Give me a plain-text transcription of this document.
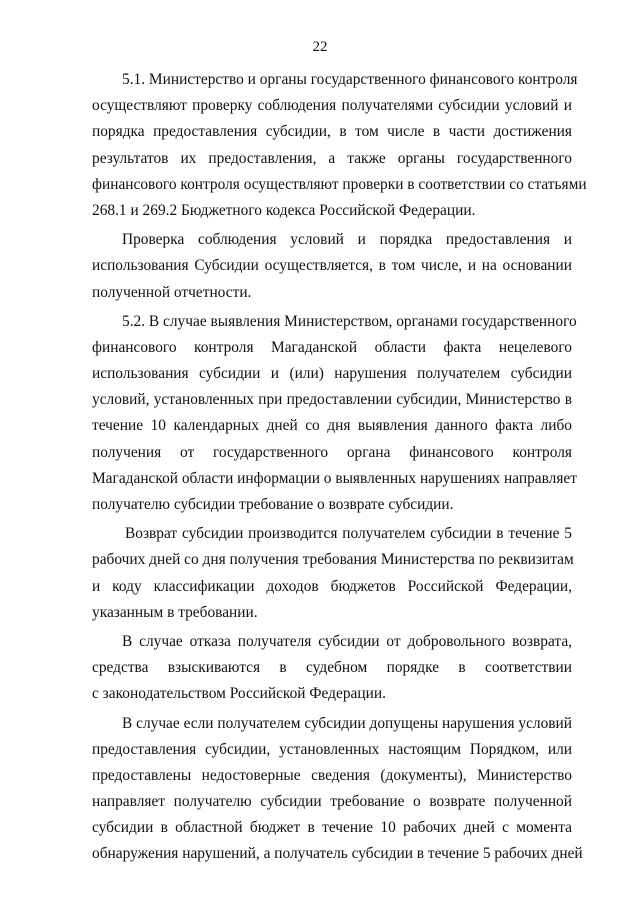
22
5.1. Министерство и органы государственного финансового контроля
осуществляют проверку соблюдения получателями субсидии условий и
порядка предоставления субсидии, в том числе в части достижения
результатов их предоставления, а также органы государственного
финансового контроля осуществляют проверки в соответствии со статьями
268.1 и 269.2 Бюджетного кодекса Российской Федерации.
Проверка соблюдения условий и порядка предоставления и
использования Субсидии осуществляется, в том числе, и на основании
полученной отчетности.
5.2. В случае выявления Министерством, органами государственного
финансового контроля Магаданской области факта нецелевого
использования субсидии и (или) нарушения получателем субсидии
условий, установленных при предоставлении субсидии, Министерство в
течение 10 календарных дней со дня выявления данного факта либо
получения от государственного органа финансового контроля
Магаданской области информации о выявленных нарушениях направляет
получателю субсидии требование о возврате субсидии.
Возврат субсидии производится получателем субсидии в течение 5
рабочих дней со дня получения требования Министерства по реквизитам
и коду классификации доходов бюджетов Российской Федерации,
указанным в требовании.
В случае отказа получателя субсидии от добровольного возврата,
средства взыскиваются в судебном порядке в соответствии
с законодательством Российской Федерации.
В случае если получателем субсидии допущены нарушения условий
предоставления субсидии, установленных настоящим Порядком, или
предоставлены недостоверные сведения (документы), Министерство
направляет получателю субсидии требование о возврате полученной
субсидии в областной бюджет в течение 10 рабочих дней с момента
обнаружения нарушений, а получатель субсидии в течение 5 рабочих дней
